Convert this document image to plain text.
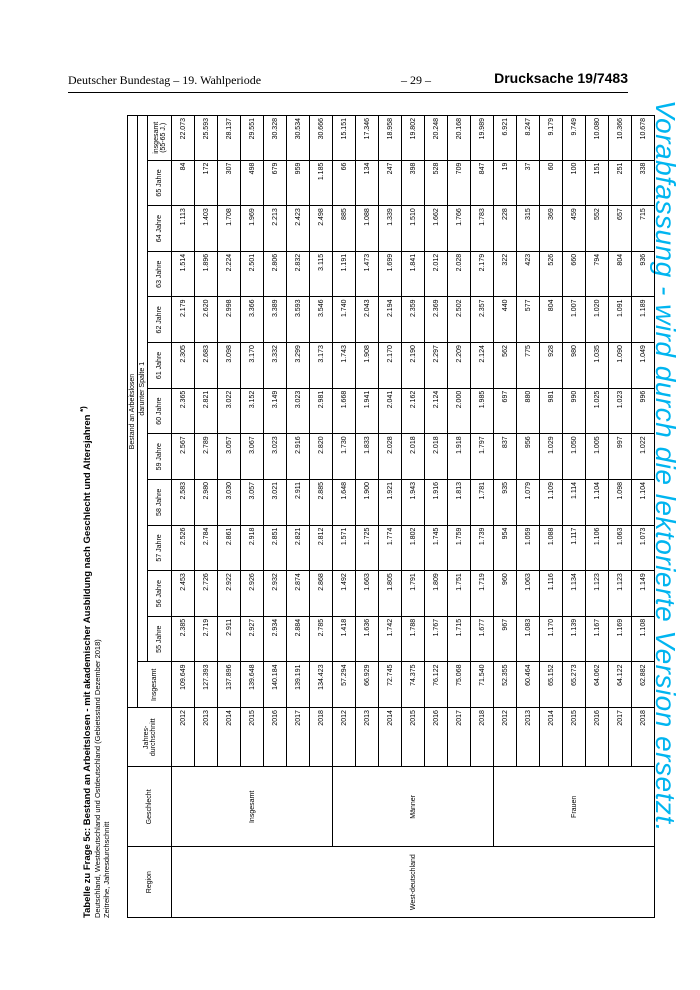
Deutscher Bundestag – 19. Wahlperiode	– 29 –	Drucksache 19/7483
Vorabfassung - wird durch die lektorierte Version ersetzt.
Tabelle zu Frage 5c: Bestand an Arbeitslosen - mit akademischer Ausbildung nach Geschlecht und Altersjahren *)
Deutschland, Westdeutschland und Ostdeutschland (Gebietsstand Dezember 2018) Zeitreihe, Jahresdurchschnitt	Region	Geschlecht	Jahres-durchschnitt	Bestand an Arbeitslosen												
			Insgesamt	darunter Spalte 1											
				55 Jahre	56 Jahre	57 Jahre	58 Jahre	59 Jahre	60 Jahre	61 Jahre	62 Jahre	63 Jahre	64 Jahre	65 Jahre	insgesamt (55-65 J.)
West-deutschland	Insgesamt	2012	109.649	2.385	2.453	2.526	2.583	2.567	2.365	2.305	2.179	1.514	1.113	84	22.073
		2013	127.393	2.719	2.726	2.784	2.980	2.789	2.821	2.683	2.620	1.896	1.403	172	25.593
		2014	137.896	2.911	2.922	2.861	3.030	3.057	3.022	3.098	2.998	2.224	1.708	307	28.137
		2015	139.648	2.927	2.926	2.918	3.057	3.067	3.152	3.170	3.366	2.501	1.969	498	29.551
		2016	140.184	2.934	2.932	2.851	3.021	3.023	3.149	3.332	3.389	2.806	2.213	679	30.328
		2017	139.191	2.884	2.874	2.821	2.911	2.916	3.023	3.299	3.593	2.832	2.423	959	30.534
		2018	134.423	2.785	2.868	2.812	2.885	2.820	2.981	3.173	3.546	3.115	2.498	1.185	30.666
	Männer	2012	57.294	1.418	1.492	1.571	1.648	1.730	1.668	1.743	1.740	1.191	885	66	15.151
		2013	66.929	1.636	1.663	1.725	1.900	1.833	1.941	1.908	2.043	1.473	1.088	134	17.346
		2014	72.745	1.742	1.805	1.774	1.921	2.028	2.041	2.170	2.194	1.699	1.339	247	18.958
		2015	74.375	1.788	1.791	1.802	1.943	2.018	2.162	2.190	2.359	1.841	1.510	398	19.802
		2016	76.122	1.767	1.809	1.745	1.916	2.018	2.124	2.297	2.369	2.012	1.662	528	20.248
		2017	75.068	1.715	1.751	1.759	1.813	1.918	2.000	2.209	2.502	2.028	1.766	709	20.168
		2018	71.540	1.677	1.719	1.739	1.781	1.797	1.985	2.124	2.357	2.179	1.783	847	19.989
	Frauen	2012	52.355	967	960	954	935	837	697	562	440	322	228	19	6.921
		2013	60.464	1.083	1.063	1.059	1.079	956	880	775	577	423	315	37	8.247
		2014	65.152	1.170	1.116	1.088	1.109	1.029	981	928	804	526	369	60	9.179
		2015	65.273	1.139	1.134	1.117	1.114	1.050	990	980	1.007	660	459	100	9.749
		2016	64.062	1.167	1.123	1.106	1.104	1.005	1.025	1.035	1.020	794	552	151	10.080
		2017	64.122	1.169	1.123	1.063	1.098	997	1.023	1.090	1.091	804	657	251	10.366
		2018	62.882	1.108	1.149	1.073	1.104	1.022	996	1.049	1.189	936	715	338	10.678
